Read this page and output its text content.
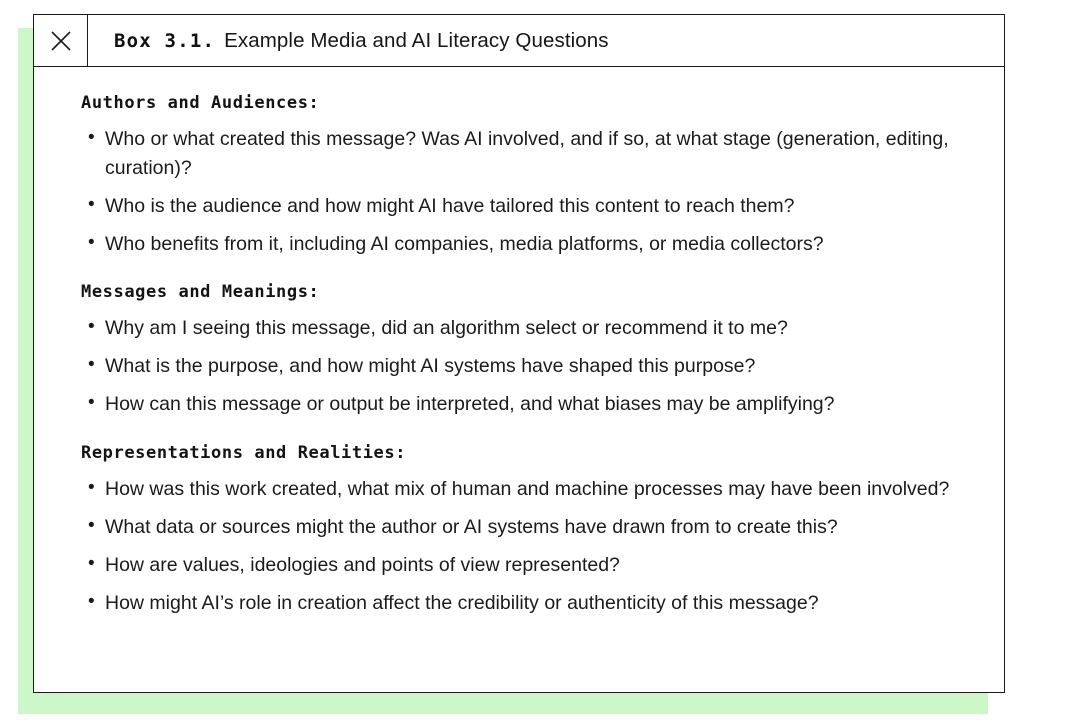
Box 3.1. Example Media and AI Literacy Questions
Authors and Audiences:
• Who or what created this message? Was AI involved, and if so, at what stage (generation, editing, curation)?
• Who is the audience and how might AI have tailored this content to reach them?
• Who benefits from it, including AI companies, media platforms, or media collectors?
Messages and Meanings:
• Why am I seeing this message, did an algorithm select or recommend it to me?
• What is the purpose, and how might AI systems have shaped this purpose?
• How can this message or output be interpreted, and what biases may be amplifying?
Representations and Realities:
• How was this work created, what mix of human and machine processes may have been involved?
• What data or sources might the author or AI systems have drawn from to create this?
• How are values, ideologies and points of view represented?
• How might AI’s role in creation affect the credibility or authenticity of this message?
